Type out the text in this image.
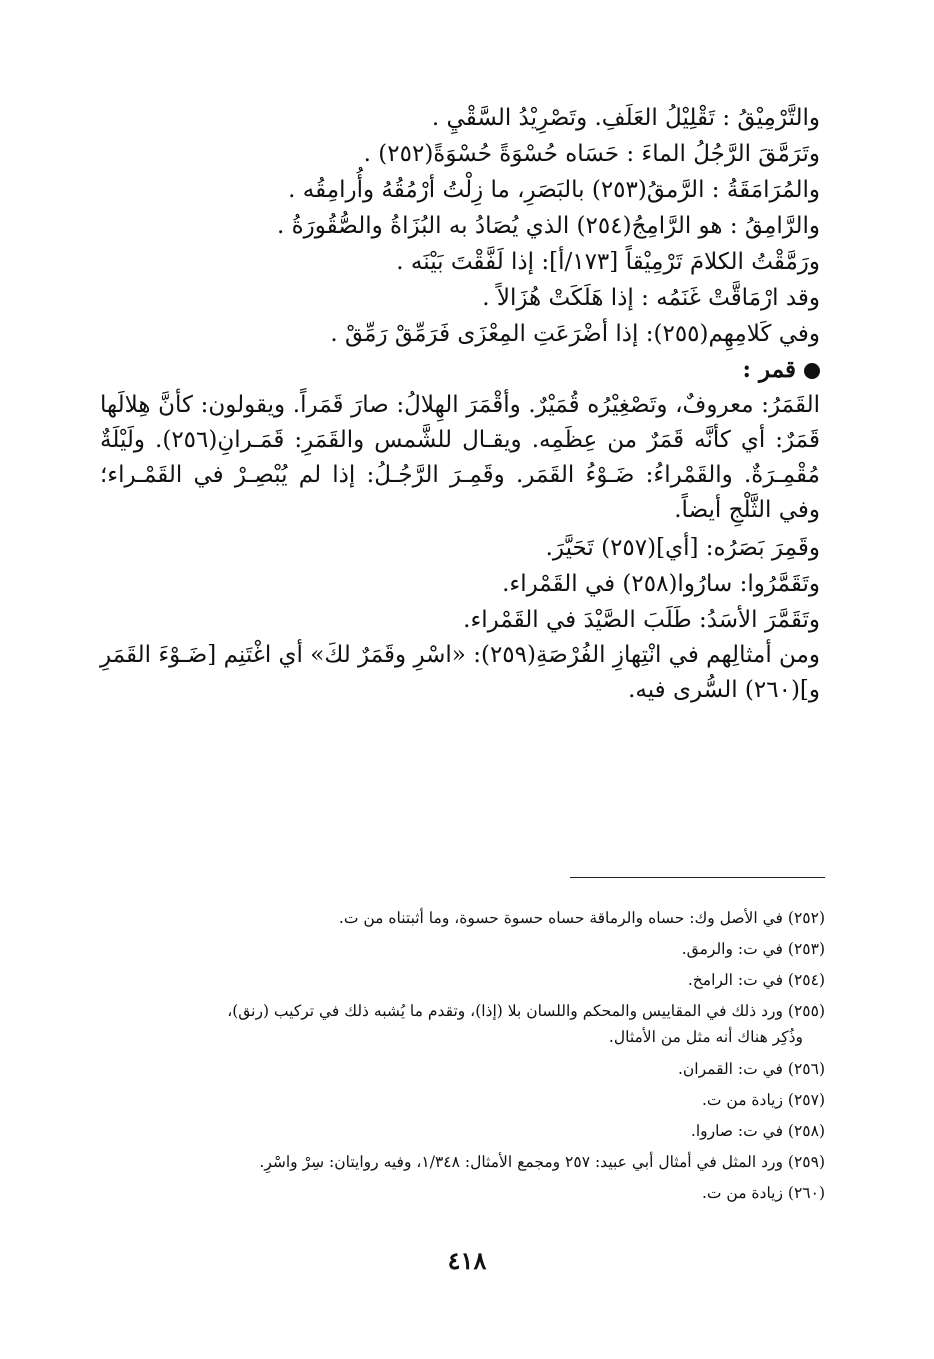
والتَّرْمِيْقُ : تَقْلِيْلُ العَلَفِ. وتَصْرِيْدُ السَّقْيِ .
وتَرَمَّقَ الرَّجُلُ الماءَ : حَسَاه حُسْوَةً حُسْوَةً(٢٥٢) .
والمُرَامَقَةُ : الرَّمقُ(٢٥٣) بالبَصَرِ، ما زِلْتُ أرْمُقُهُ وأُرامِقُه .
والرَّامِقُ : هو الرَّامِجُ(٢٥٤) الذي يُصَادُ به البُزَاةُ والصُّقُورَةُ .
ورَمَّقْتُ الكلامَ تَرْمِيْقاً [١٧٣/أ]: إذا لَفَّقْتَ بَيْنَه .
وقد ارْمَاقَّتْ غَنَمُه : إذا هَلَكَتْ هُزَالاً .
وفي كَلامِهِم(٢٥٥): إذا أضْرَعَتِ المِعْزَى فَرَمِّقْ رَمِّقْ .
قمر :
القَمَرُ: معروفٌ، وتَصْغِيْرُه قُمَيْرٌ. وأقْمَرَ الهِلالُ: صارَ قَمَراً. ويقولون: كأنَّ هِلالَها قَمَرٌ: أي كأنَّه قَمَرٌ من عِظَمِه. ويقـال للشَّمس والقَمَرِ: قَمَـرانِ(٢٥٦). ولَيْلَةٌ مُقْمِـرَةٌ. والقَمْراءُ: ضَـوْءُ القَمَر. وقَمِـرَ الرَّجُـلُ: إذا لم يُبْصِـرْ في القَمْـراء؛ وفي الثَّلْجِ أيضاً.
وقَمِرَ بَصَرُه: [أي](٢٥٧) تَحَيَّرَ.
وتَقَمَّرُوا: سارُوا(٢٥٨) في القَمْراء.
وتَقَمَّرَ الأسَدُ: طَلَبَ الصَّيْدَ في القَمْراء.
ومن أمثالِهم في انْتِهازِ الفُرْصَةِ(٢٥٩): «اسْرِ وقَمَرٌ لكَ» أي اغْتَنِم [ضَـوْءَ القَمَرِ و](٢٦٠) السُّرى فيه.
(٢٥٢) في الأصل وك: حساه والرماقة حساه حسوة حسوة، وما أثبتناه من ت.
(٢٥٣) في ت: والرمق.
(٢٥٤) في ت: الرامخ.
(٢٥٥) ورد ذلك في المقاييس والمحكم واللسان بلا (إذا)، وتقدم ما يُشبه ذلك في تركيب (رنق)،
وذُكِر هناك أنه مثل من الأمثال.
(٢٥٦) في ت: القمران.
(٢٥٧) زيادة من ت.
(٢٥٨) في ت: صاروا.
(٢٥٩) ورد المثل في أمثال أبي عبيد: ٢٥٧ ومجمع الأمثال: ١/٣٤٨، وفيه روايتان: سِرْ واسْرِ.
(٢٦٠) زيادة من ت.
٤١٨
